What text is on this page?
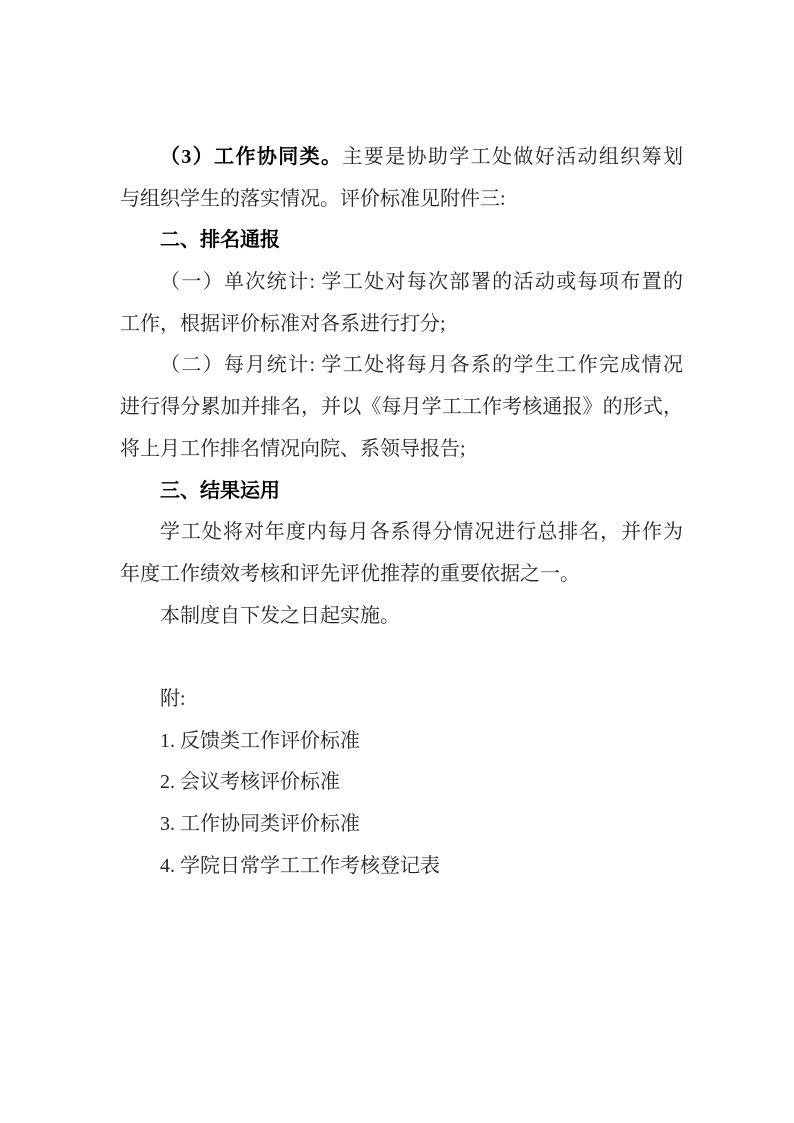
（3）工作协同类。主要是协助学工处做好活动组织筹划
与组织学生的落实情况。评价标准见附件三:
二、排名通报
（一）单次统计: 学工处对每次部署的活动或每项布置的
工作，根据评价标准对各系进行打分;
（二）每月统计: 学工处将每月各系的学生工作完成情况
进行得分累加并排名，并以《每月学工工作考核通报》的形式，
将上月工作排名情况向院、系领导报告;
三、结果运用
学工处将对年度内每月各系得分情况进行总排名，并作为
年度工作绩效考核和评先评优推荐的重要依据之一。
本制度自下发之日起实施。
附:
1. 反馈类工作评价标准
2. 会议考核评价标准
3. 工作协同类评价标准
4. 学院日常学工工作考核登记表
